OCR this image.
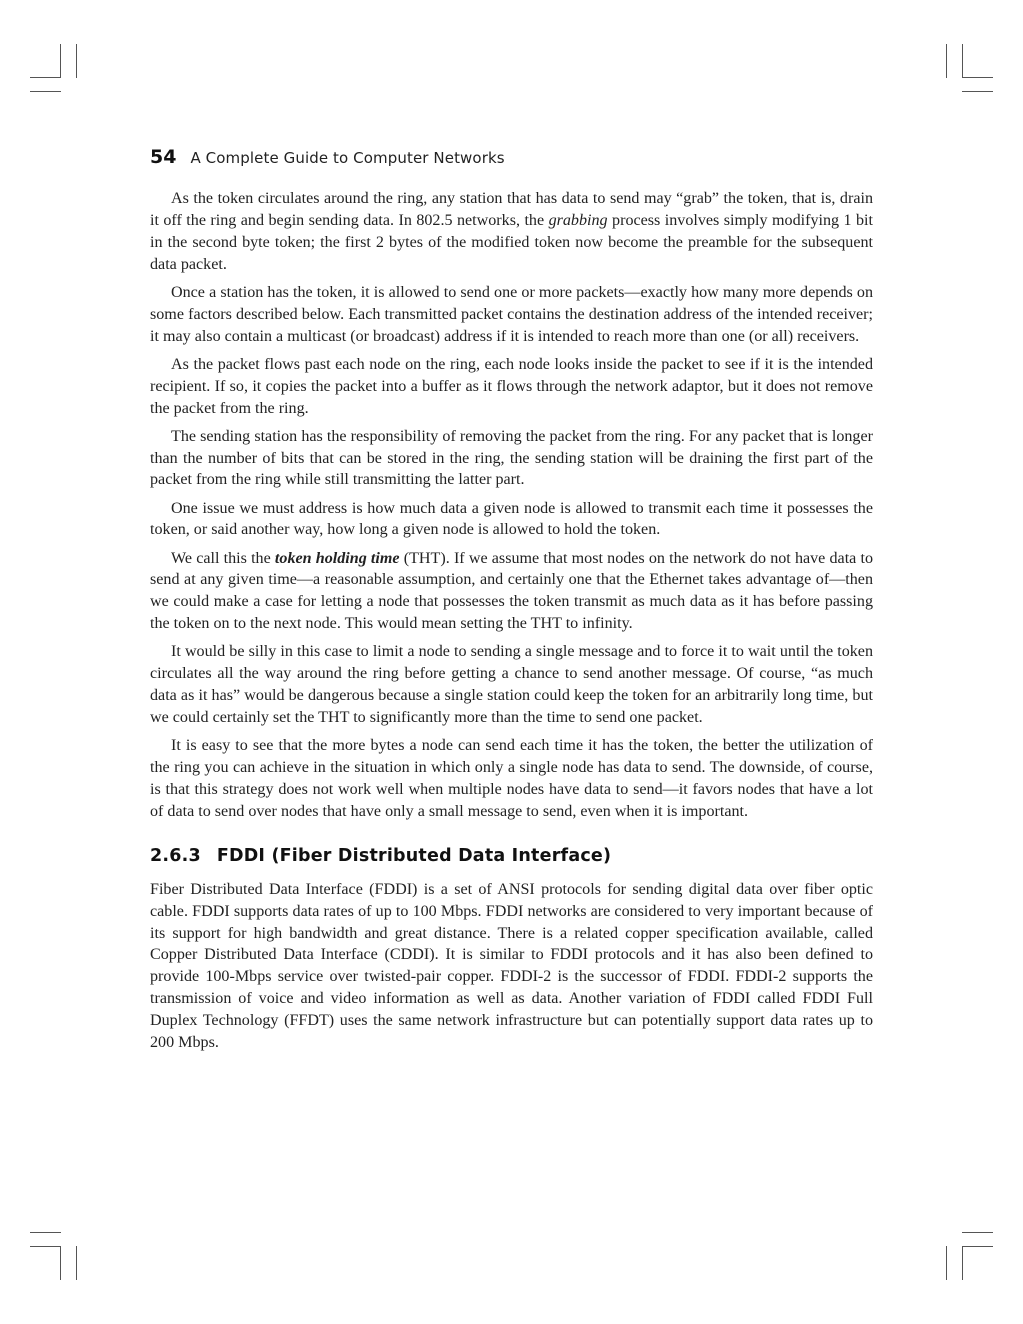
54 A Complete Guide to Computer Networks

As the token circulates around the ring, any station that has data to send may “grab” the token, that is, drain it off the ring and begin sending data. In 802.5 networks, the grabbing process involves simply modifying 1 bit in the second byte token; the first 2 bytes of the modified token now become the preamble for the subsequent data packet.

Once a station has the token, it is allowed to send one or more packets—exactly how many more depends on some factors described below. Each transmitted packet contains the destination address of the intended receiver; it may also contain a multicast (or broadcast) address if it is intended to reach more than one (or all) receivers.

As the packet flows past each node on the ring, each node looks inside the packet to see if it is the intended recipient. If so, it copies the packet into a buffer as it flows through the network adaptor, but it does not remove the packet from the ring.

The sending station has the responsibility of removing the packet from the ring. For any packet that is longer than the number of bits that can be stored in the ring, the sending station will be draining the first part of the packet from the ring while still transmitting the latter part.

One issue we must address is how much data a given node is allowed to transmit each time it possesses the token, or said another way, how long a given node is allowed to hold the token.

We call this the token holding time (THT). If we assume that most nodes on the network do not have data to send at any given time—a reasonable assumption, and certainly one that the Ethernet takes advantage of—then we could make a case for letting a node that possesses the token transmit as much data as it has before passing the token on to the next node. This would mean setting the THT to infinity.

It would be silly in this case to limit a node to sending a single message and to force it to wait until the token circulates all the way around the ring before getting a chance to send another message. Of course, “as much data as it has” would be dangerous because a single station could keep the token for an arbitrarily long time, but we could certainly set the THT to significantly more than the time to send one packet.

It is easy to see that the more bytes a node can send each time it has the token, the better the utilization of the ring you can achieve in the situation in which only a single node has data to send. The downside, of course, is that this strategy does not work well when multiple nodes have data to send—it favors nodes that have a lot of data to send over nodes that have only a small message to send, even when it is important.

2.6.3 FDDI (Fiber Distributed Data Interface)

Fiber Distributed Data Interface (FDDI) is a set of ANSI protocols for sending digital data over fiber optic cable. FDDI supports data rates of up to 100 Mbps. FDDI networks are considered to very important because of its support for high bandwidth and great distance. There is a related copper specification available, called Copper Distributed Data Interface (CDDI). It is similar to FDDI protocols and it has also been defined to provide 100-Mbps service over twisted-pair copper. FDDI-2 is the successor of FDDI. FDDI-2 supports the transmission of voice and video information as well as data. Another variation of FDDI called FDDI Full Duplex Technology (FFDT) uses the same network infrastructure but can potentially support data rates up to 200 Mbps.
